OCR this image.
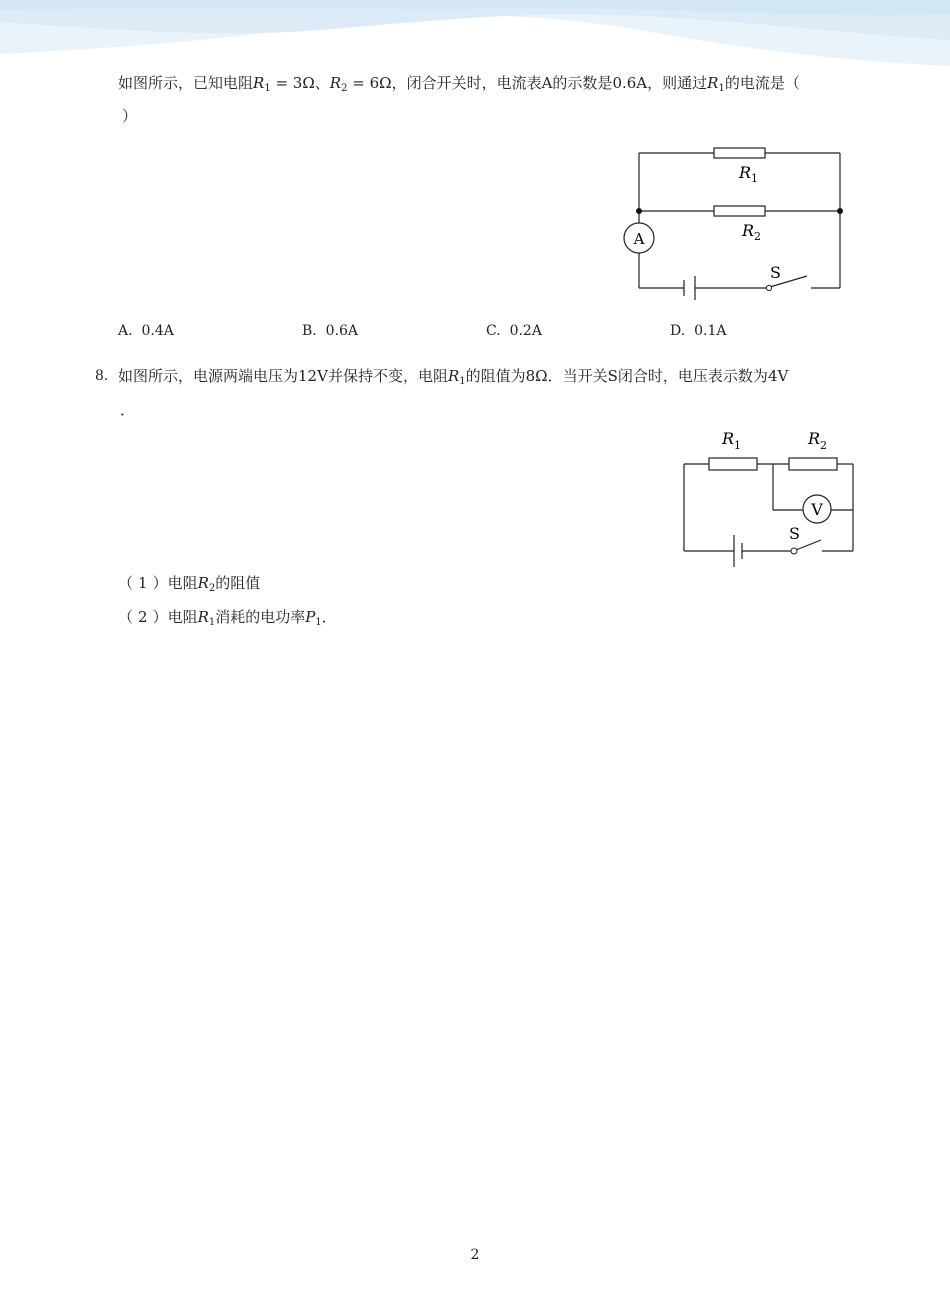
如图所示，已知电阻$R_1 = 3\Omega$、$R_2 = 6\Omega$，闭合开关时，电流表A的示数是0.6A，则通过$R_1$的电流是（
）
$R_1$
$R_2$
A
S
A. 0.4A	B. 0.6A	C. 0.2A	D. 0.1A
8. 如图所示，电源两端电压为12V并保持不变，电阻$R_1$的阻值为8Ω．当开关S闭合时，电压表示数为4V
．
$R_1$	$R_2$
V
S
（ 1 ）电阻$R_2$的阻值
（ 2 ）电阻$R_1$消耗的电功率$P_1$．
2
